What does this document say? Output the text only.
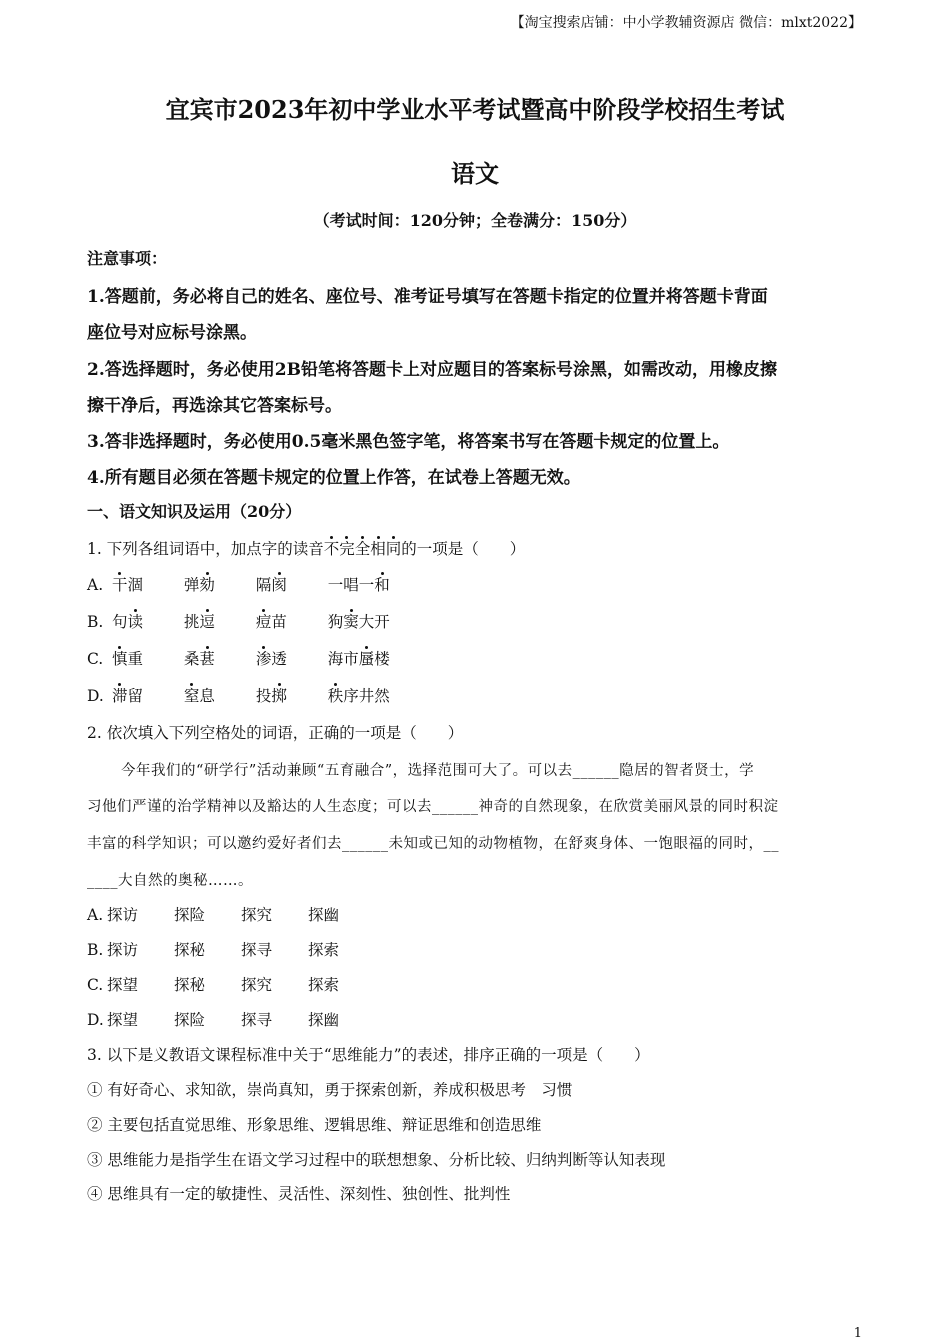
【淘宝搜索店铺：中小学教辅资源店 微信：mlxt2022】
宜宾市2023年初中学业水平考试暨高中阶段学校招生考试
语文
（考试时间：120分钟；全卷满分：150分）
注意事项：
1.答题前，务必将自己的姓名、座位号、准考证号填写在答题卡指定的位置并将答题卡背面
座位号对应标号涂黑。
2.答选择题时，务必使用2B铅笔将答题卡上对应题目的答案标号涂黑，如需改动，用橡皮擦
擦干净后，再选涂其它答案标号。
3.答非选择题时，务必使用0.5毫米黑色签字笔，将答案书写在答题卡规定的位置上。
4.所有题目必须在答题卡规定的位置上作答，在试卷上答题无效。
一、语文知识及运用（20分）
1. 下列各组词语中，加点字的读音不完全相同的一项是（　　）
A. 干涸	弹劾	隔阂	一唱一和
B. 句读	挑逗	痘苗	狗窦大开
C. 慎重	桑葚	渗透	海市蜃楼
D. 滞留	窒息	投掷	秩序井然
2. 依次填入下列空格处的词语，正确的一项是（　　）
今年我们的“研学行”活动兼顾“五育融合”，选择范围可大了。可以去______隐居的智者贤士，学
习他们严谨的治学精神以及豁达的人生态度；可以去______神奇的自然现象，在欣赏美丽风景的同时积淀
丰富的科学知识；可以邀约爱好者们去______未知或已知的动物植物，在舒爽身体、一饱眼福的同时，__
____大自然的奥秘……。
A. 探访 探险 探究 探幽
B. 探访 探秘 探寻 探索
C. 探望 探秘 探究 探索
D. 探望 探险 探寻 探幽
3. 以下是义教语文课程标准中关于“思维能力”的表述，排序正确的一项是（　　）
① 有好奇心、求知欲，崇尚真知，勇于探索创新，养成积极思考　习惯
② 主要包括直觉思维、形象思维、逻辑思维、辩证思维和创造思维
③ 思维能力是指学生在语文学习过程中的联想想象、分析比较、归纳判断等认知表现
④ 思维具有一定的敏捷性、灵活性、深刻性、独创性、批判性
1
